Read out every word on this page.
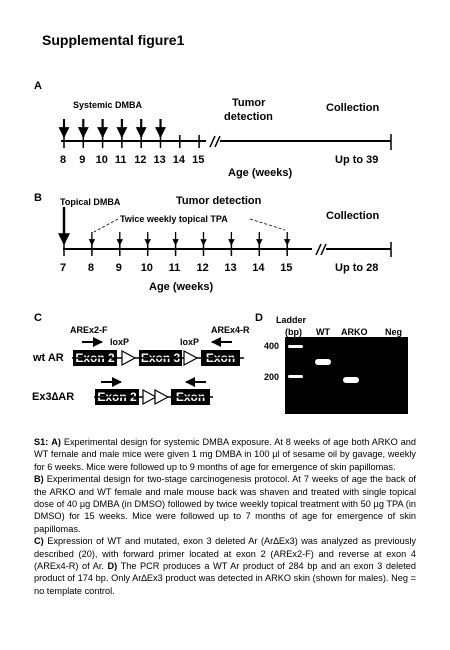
Supplemental figure1
A
Systemic DMBA	Tumor
detection
Collection
8 9 10 11 12 13 14 15	Up to 39
Age (weeks)
B Topical DMBA	Tumor detection
Twice weekly topical TPA	Collection
7 8 9 10 11 12 13 14 15	Up to 28
Age (weeks)
C
AREx2-F	AREx4-R
loxP	loxP
wt AR
Ex3∆AR
Exon 2 Exon 3	Exon 4
Exon 2	Exon 4
D Ladder
(bp) WT ARKO Neg
400
200

S1: A) Experimental design for systemic DMBA exposure. At 8 weeks of age both ARKO and WT female and male mice were given 1 mg DMBA in 100 µl of sesame oil by gavage, weekly for 6 weeks. Mice were followed up to 9 months of age for emergence of skin papillomas.

B) Experimental design for two-stage carcinogenesis protocol. At 7 weeks of age the back of the ARKO and WT female and male mouse back was shaven and treated with single topical dose of 40 µg DMBA (in DMSO) followed by twice weekly topical treatment with 50 µg TPA (in DMSO) for 15 weeks. Mice were followed up to 7 months of age for emergence of skin papillomas.

C) Expression of WT and mutated, exon 3 deleted Ar (Ar∆Ex3) was analyzed as previously described (20), with forward primer located at exon 2 (AREx2-F) and reverse at exon 4 (AREx4-R) of Ar. D) The PCR produces a WT Ar product of 284 bp and an exon 3 deleted product of 174 bp. Only Ar∆Ex3 product was detected in ARKO skin (shown for males). Neg = no template control.
